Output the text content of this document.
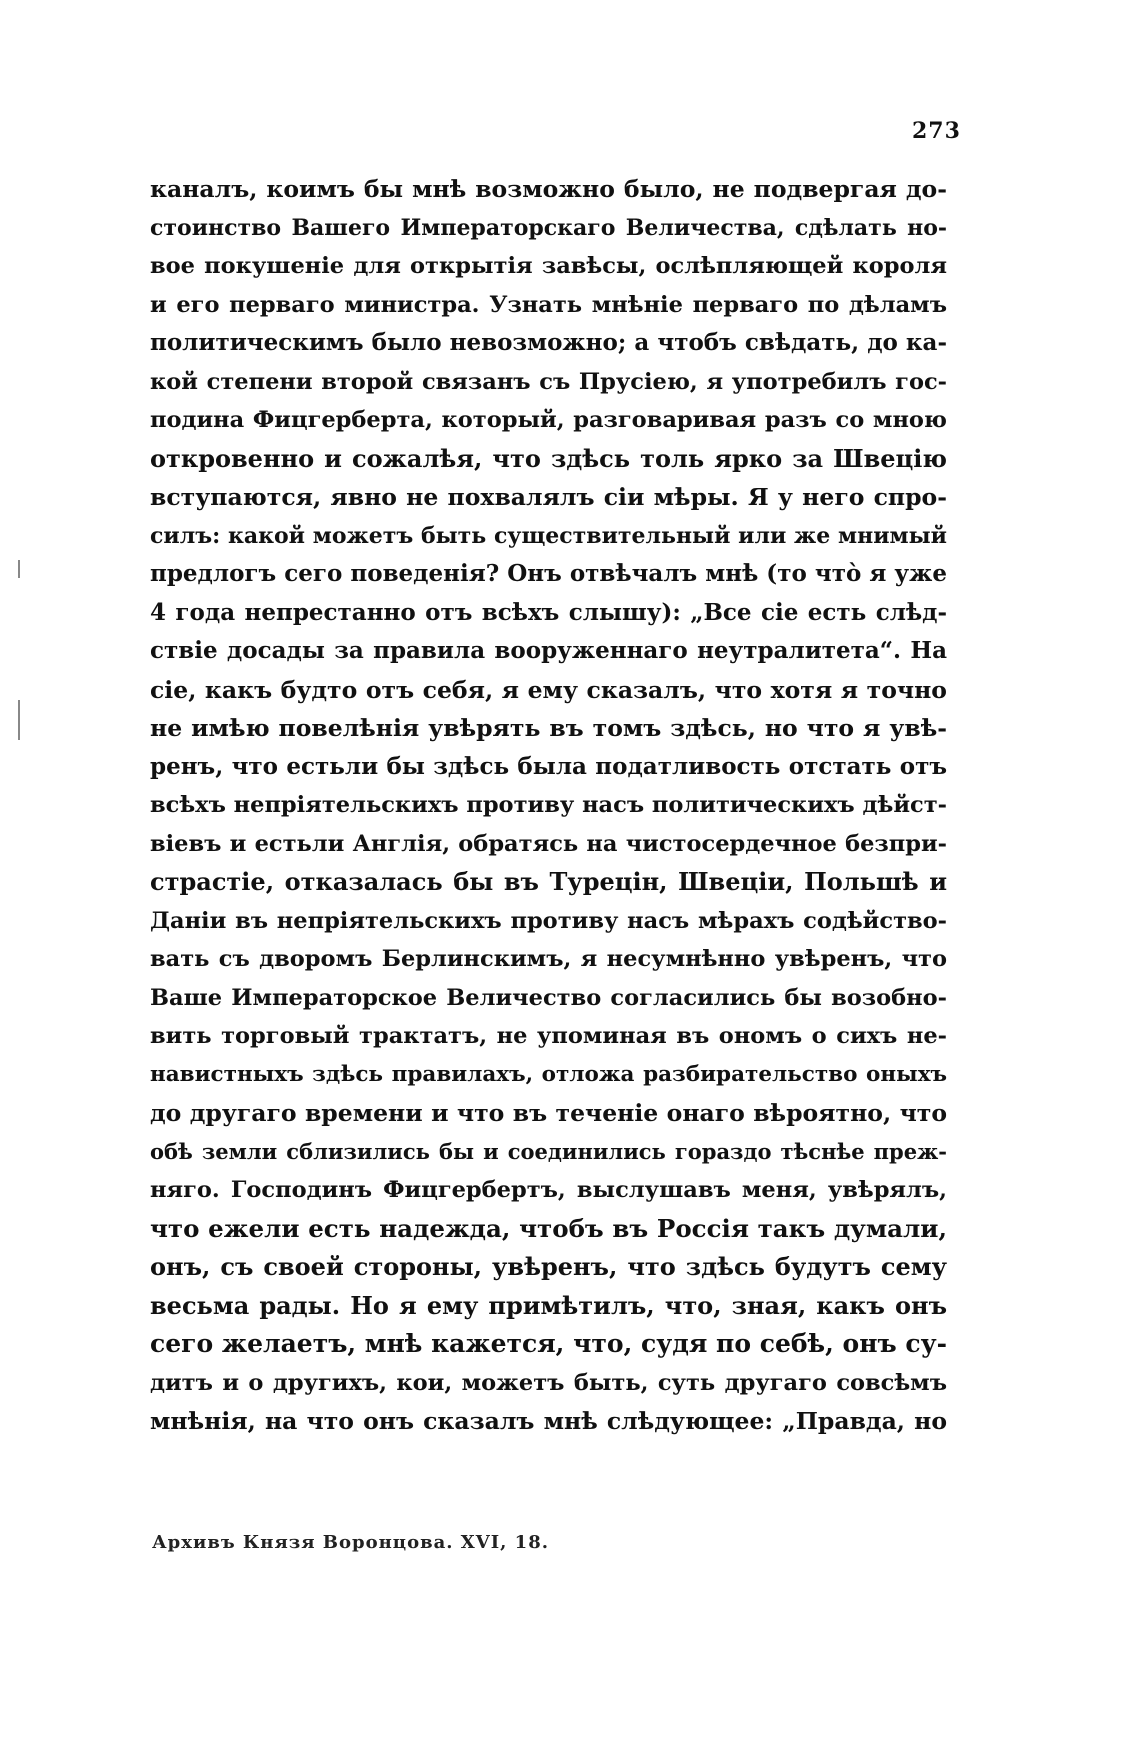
273
каналъ, коимъ бы мнѣ возможно было, не подвергая до-
стоинство Вашего Императорскаго Величества, сдѣлать но-
вое покушеніе для открытія завѣсы, ослѣпляющей короля
и его перваго министра. Узнать мнѣніе перваго по дѣламъ
политическимъ было невозможно; а чтобъ свѣдать, до ка-
кой степени второй связанъ съ Прусіею, я употребилъ гос-
подина Фицгерберта, который, разговаривая разъ со мною
откровенно и сожалѣя, что здѣсь толь ярко за Швецію
вступаются, явно не похвалялъ сіи мѣры. Я у него спро-
силъ: какой можетъ быть существительный или же мнимый
предлогъ сего поведенія? Онъ отвѣчалъ мнѣ (то что̀ я уже
4 года непрестанно отъ всѣхъ слышу): „Все сіе есть слѣд-
ствіе досады за правила вооруженнаго неутралитета“. На
сіе, какъ будто отъ себя, я ему сказалъ, что хотя я точно
не имѣю повелѣнія увѣрять въ томъ здѣсь, но что я увѣ-
ренъ, что естьли бы здѣсь была податливость отстать отъ
всѣхъ непріятельскихъ противу насъ политическихъ дѣйст-
віевъ и естьли Англія, обратясь на чистосердечное безпри-
страстіе, отказалась бы въ Турецін, Швеціи, Польшѣ и
Даніи въ непріятельскихъ противу насъ мѣрахъ содѣйство-
вать съ дворомъ Берлинскимъ, я несумнѣнно увѣренъ, что
Ваше Императорское Величество согласились бы возобно-
вить торговый трактатъ, не упоминая въ ономъ о сихъ не-
навистныхъ здѣсь правилахъ, отложа разбирательство оныхъ
до другаго времени и что въ теченіе онаго вѣроятно, что
обѣ земли сблизились бы и соединились гораздо тѣснѣе преж-
няго. Господинъ Фицгербертъ, выслушавъ меня, увѣрялъ,
что ежели есть надежда, чтобъ въ Россія такъ думали,
онъ, съ своей стороны, увѣренъ, что здѣсь будутъ сему
весьма рады. Но я ему примѣтилъ, что, зная, какъ онъ
сего желаетъ, мнѣ кажется, что, судя по себѣ, онъ су-
дитъ и о другихъ, кои, можетъ быть, суть другаго совсѣмъ
мнѣнія, на что онъ сказалъ мнѣ слѣдующее: „Правда, но
Архивъ Князя Воронцова. XVI, 18.
